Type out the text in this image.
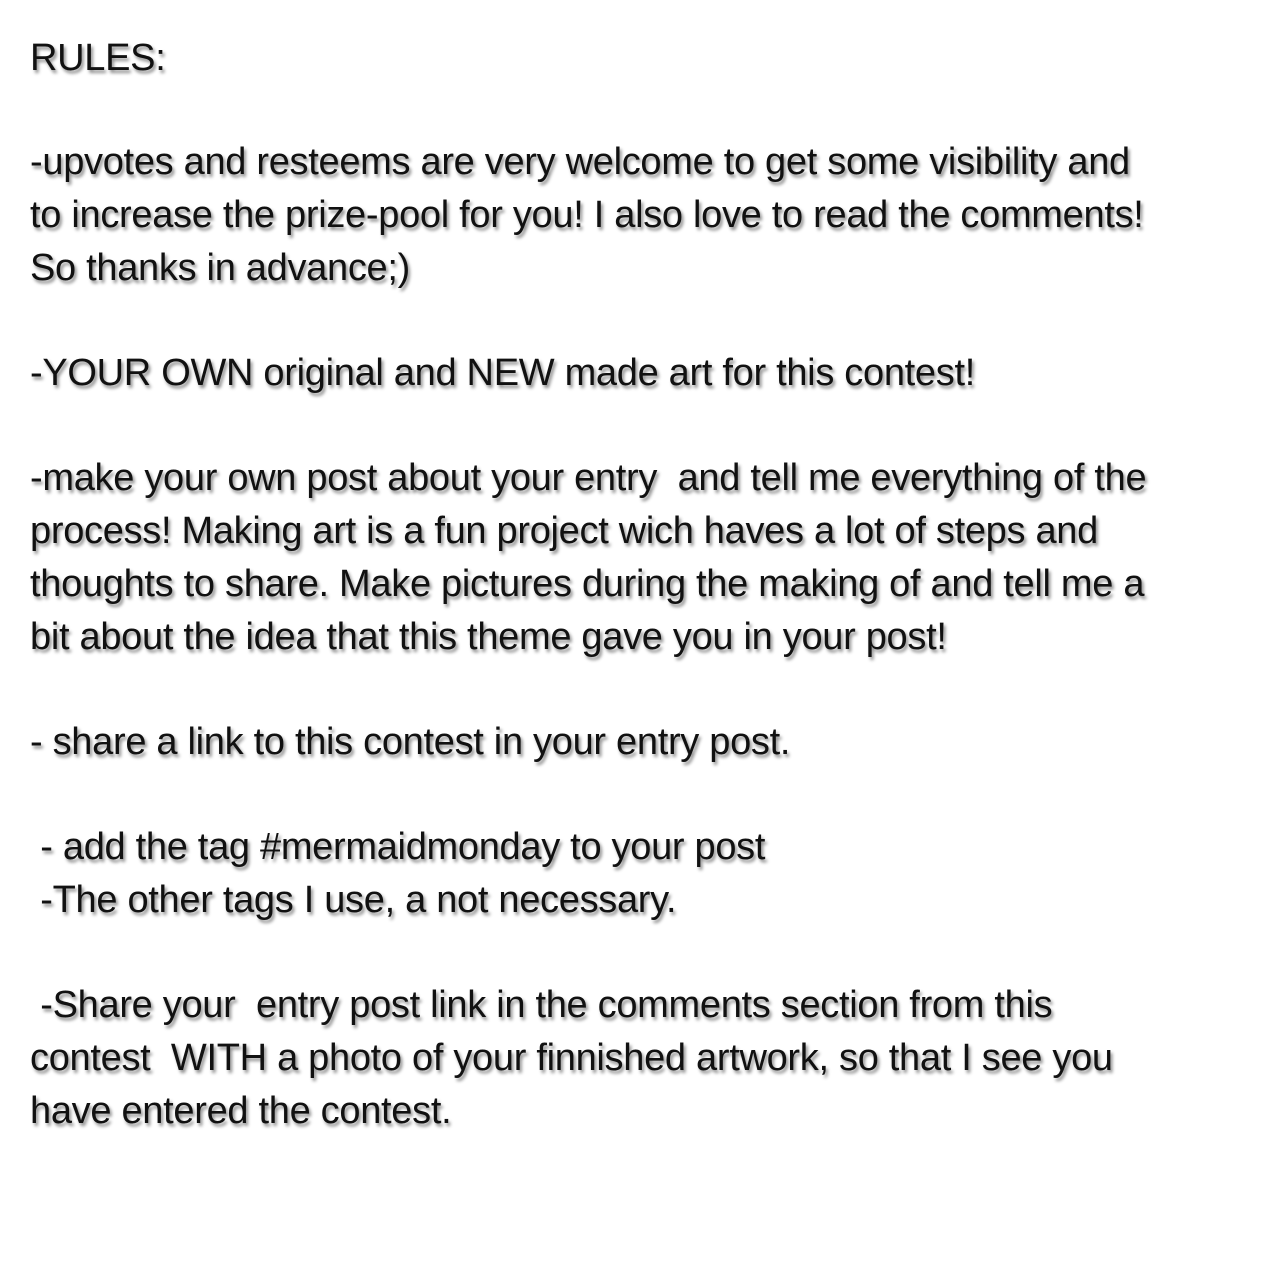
RULES:
-upvotes and resteems are very welcome to get some visibility and
to increase the prize-pool for you! I also love to read the comments!
So thanks in advance;)
-YOUR OWN original and NEW made art for this contest!
-make your own post about your entry  and tell me everything of the
process! Making art is a fun project wich haves a lot of steps and
thoughts to share. Make pictures during the making of and tell me a
bit about the idea that this theme gave you in your post!
- share a link to this contest in your entry post.
- add the tag #mermaidmonday to your post
-The other tags I use, a not necessary.
-Share your  entry post link in the comments section from this
contest  WITH a photo of your finnished artwork, so that I see you
have entered the contest.
